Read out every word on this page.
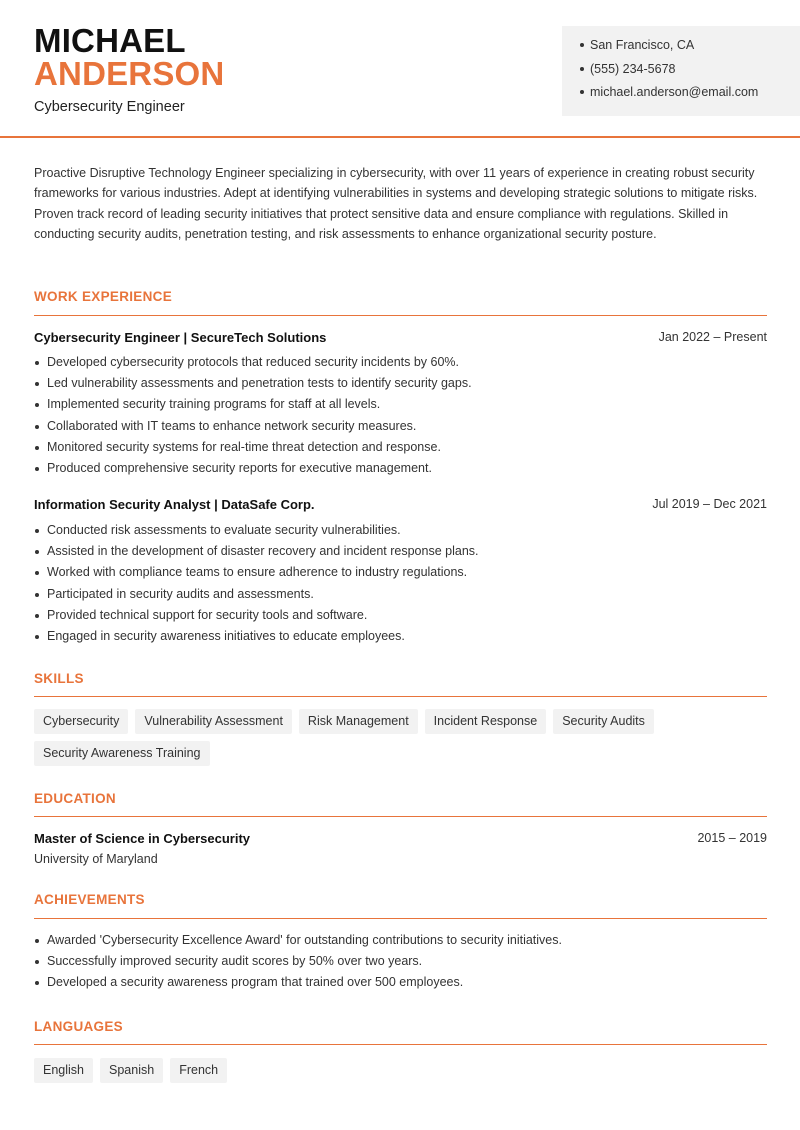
MICHAEL
ANDERSON
Cybersecurity Engineer
San Francisco, CA
(555) 234-5678
michael.anderson@email.com

Proactive Disruptive Technology Engineer specializing in cybersecurity, with over 11 years of experience in creating robust security frameworks for various industries. Adept at identifying vulnerabilities in systems and developing strategic solutions to mitigate risks. Proven track record of leading security initiatives that protect sensitive data and ensure compliance with regulations. Skilled in conducting security audits, penetration testing, and risk assessments to enhance organizational security posture.

WORK EXPERIENCE
Cybersecurity Engineer | SecureTech Solutions	Jan 2022 – Present
Developed cybersecurity protocols that reduced security incidents by 60%.
Led vulnerability assessments and penetration tests to identify security gaps.
Implemented security training programs for staff at all levels.
Collaborated with IT teams to enhance network security measures.
Monitored security systems for real-time threat detection and response.
Produced comprehensive security reports for executive management.
Information Security Analyst | DataSafe Corp.	Jul 2019 – Dec 2021
Conducted risk assessments to evaluate security vulnerabilities.
Assisted in the development of disaster recovery and incident response plans.
Worked with compliance teams to ensure adherence to industry regulations.
Participated in security audits and assessments.
Provided technical support for security tools and software.
Engaged in security awareness initiatives to educate employees.
SKILLS
Cybersecurity	Vulnerability Assessment	Risk Management	Incident Response	Security Audits
Security Awareness Training
EDUCATION
Master of Science in Cybersecurity	2015 – 2019
University of Maryland
ACHIEVEMENTS
Awarded 'Cybersecurity Excellence Award' for outstanding contributions to security initiatives.
Successfully improved security audit scores by 50% over two years.
Developed a security awareness program that trained over 500 employees.
LANGUAGES
English	Spanish	French
